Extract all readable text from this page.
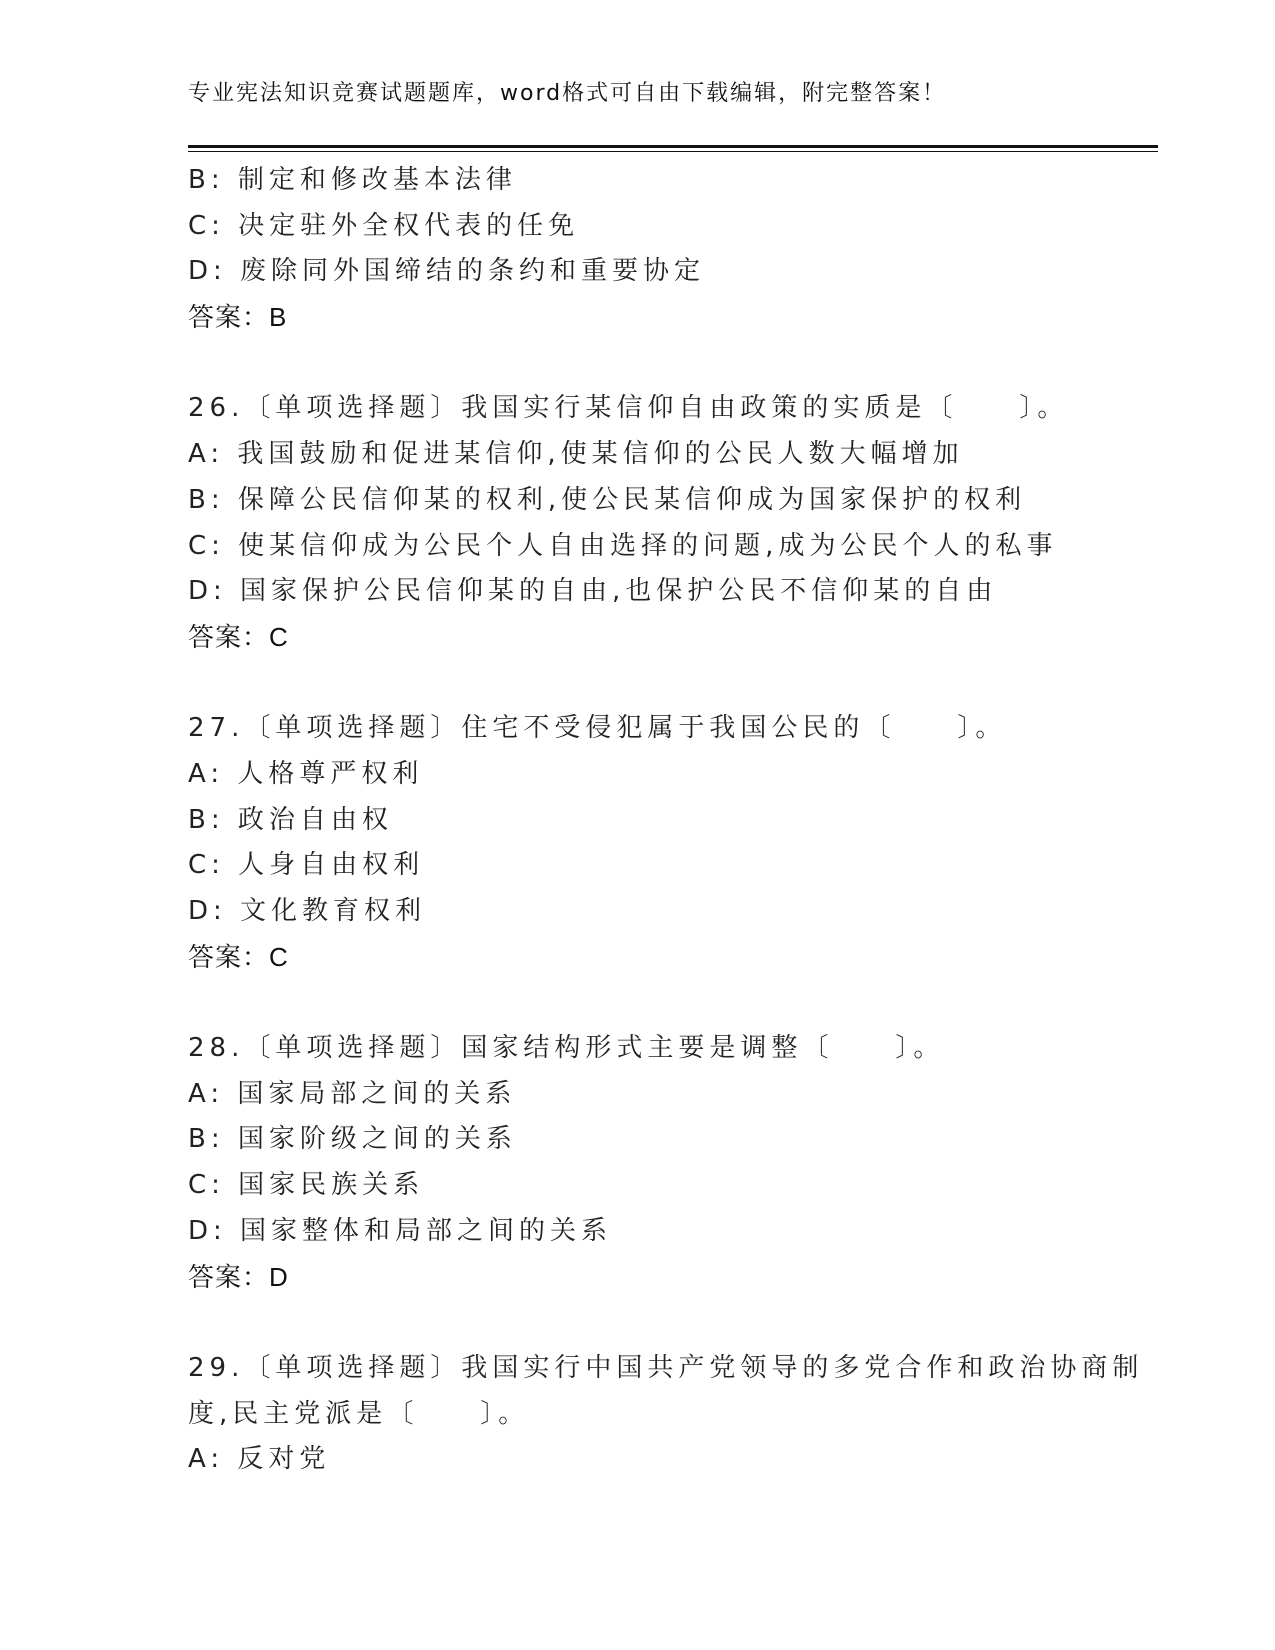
专业宪法知识竞赛试题题库，word格式可自由下载编辑，附完整答案！
B: 制定和修改基本法律
C: 决定驻外全权代表的任免
D: 废除同外国缔结的条约和重要协定
答案：B
26.〔单项选择题〕我国实行某信仰自由政策的实质是〔　　〕。
A: 我国鼓励和促进某信仰,使某信仰的公民人数大幅增加
B: 保障公民信仰某的权利,使公民某信仰成为国家保护的权利
C: 使某信仰成为公民个人自由选择的问题,成为公民个人的私事
D: 国家保护公民信仰某的自由,也保护公民不信仰某的自由
答案：C
27.〔单项选择题〕住宅不受侵犯属于我国公民的〔　　〕。
A: 人格尊严权利
B: 政治自由权
C: 人身自由权利
D: 文化教育权利
答案：C
28.〔单项选择题〕国家结构形式主要是调整〔　　〕。
A: 国家局部之间的关系
B: 国家阶级之间的关系
C: 国家民族关系
D: 国家整体和局部之间的关系
答案：D
29.〔单项选择题〕我国实行中国共产党领导的多党合作和政治协商制
度,民主党派是〔　　〕。
A: 反对党
